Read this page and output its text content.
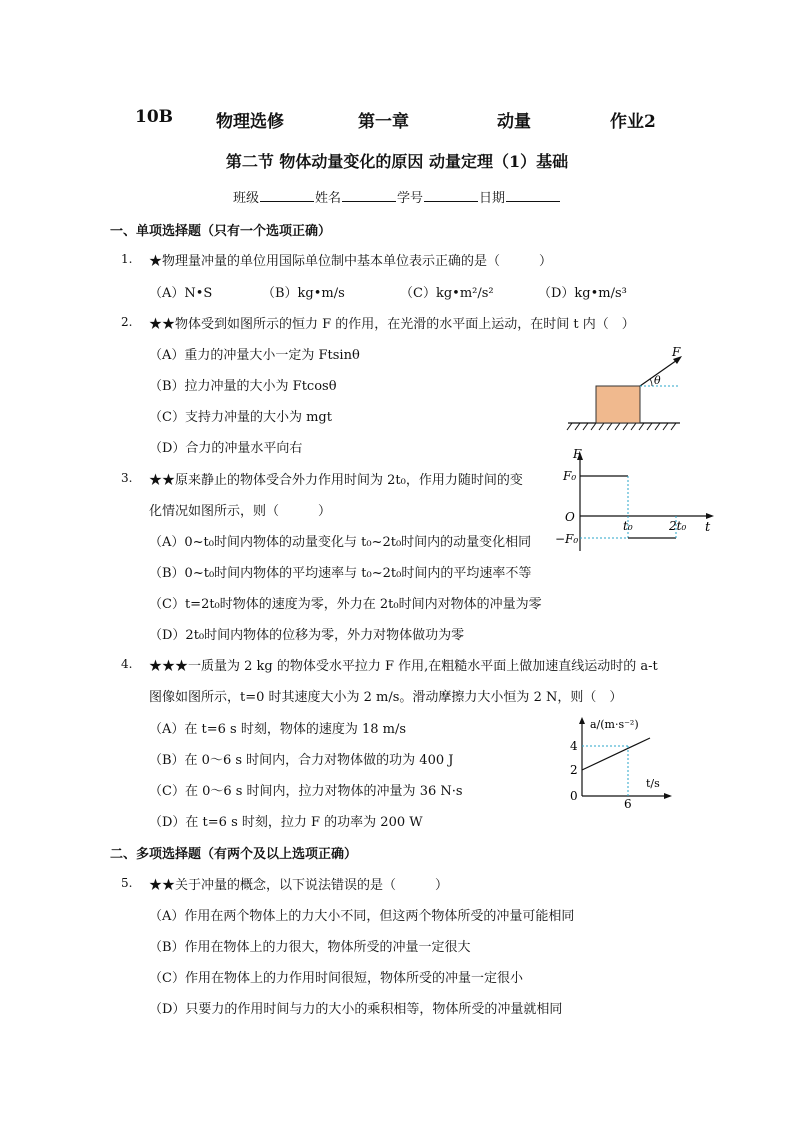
10B	物理选修	第一章	动量	作业2
第二节 物体动量变化的原因 动量定理（1）基础
班级	姓名	学号	日期
一、单项选择题（只有一个选项正确）
1. ★物理量冲量的单位用国际单位制中基本单位表示正确的是（　　　）
（A）N•S	（B）kg•m/s	（C）kg•m²/s²	（D）kg•m/s³
2. ★★物体受到如图所示的恒力 F 的作用，在光滑的水平面上运动，在时间 t 内（　）
（A）重力的冲量大小一定为 Ftsinθ
（B）拉力冲量的大小为 Ftcosθ
（C）支持力冲量的大小为 mgt
（D）合力的冲量水平向右
F
θ
3. ★★原来静止的物体受合外力作用时间为 2t₀，作用力随时间的变
化情况如图所示，则（　　　）
（A）0~t₀时间内物体的动量变化与 t₀~2t₀时间内的动量变化相同
（B）0~t₀时间内物体的平均速率与 t₀~2t₀时间内的平均速率不等
（C）t=2t₀时物体的速度为零，外力在 2t₀时间内对物体的冲量为零
（D）2t₀时间内物体的位移为零，外力对物体做功为零
F
t
O
F₀
−F₀
t₀	2t₀
4. ★★★一质量为 2 kg 的物体受水平拉力 F 作用,在粗糙水平面上做加速直线运动时的 a-t
图像如图所示，t=0 时其速度大小为 2 m/s。滑动摩擦力大小恒为 2 N，则（　）
（A）在 t=6 s 时刻，物体的速度为 18 m/s
（B）在 0～6 s 时间内，合力对物体做的功为 400 J
（C）在 0～6 s 时间内，拉力对物体的冲量为 36 N·s
（D）在 t=6 s 时刻，拉力 F 的功率为 200 W
a/(m·s⁻²)
t/s
0
2
4
6
二、多项选择题（有两个及以上选项正确）
5. ★★关于冲量的概念，以下说法错误的是（　　　）
（A）作用在两个物体上的力大小不同，但这两个物体所受的冲量可能相同
（B）作用在物体上的力很大，物体所受的冲量一定很大
（C）作用在物体上的力作用时间很短，物体所受的冲量一定很小
（D）只要力的作用时间与力的大小的乘积相等，物体所受的冲量就相同
